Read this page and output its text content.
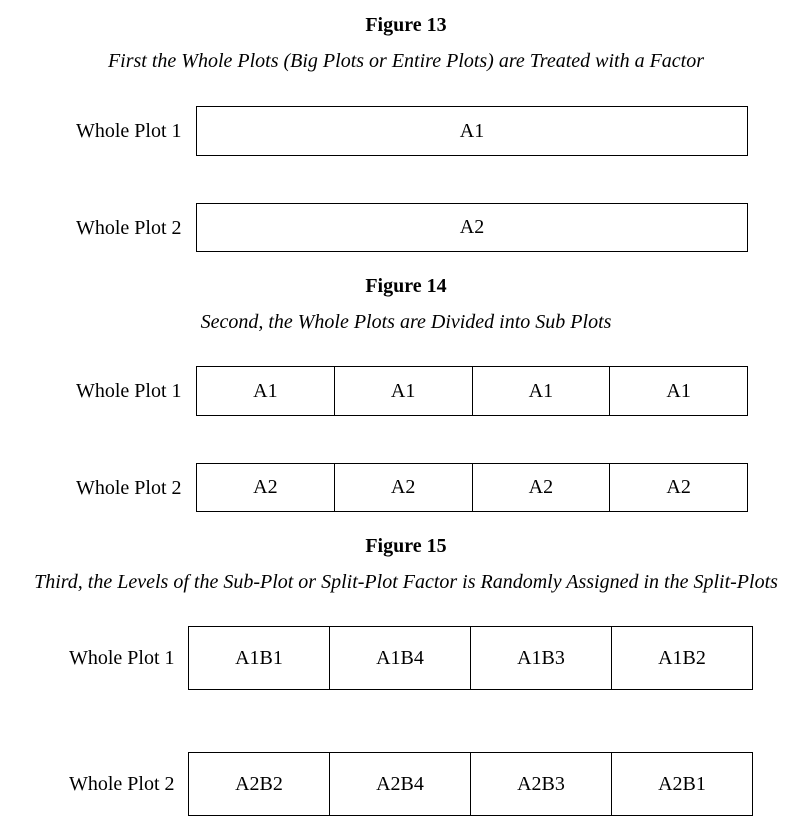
Figure 13
First the Whole Plots (Big Plots or Entire Plots) are Treated with a Factor
Whole Plot 1	A1
Whole Plot 2	A2
Figure 14
Second, the Whole Plots are Divided into Sub Plots
Whole Plot 1	A1	A1	A1	A1
Whole Plot 2	A2	A2	A2	A2
Figure 15
Third, the Levels of the Sub-Plot or Split-Plot Factor is Randomly Assigned in the Split-Plots
Whole Plot 1	A1B1	A1B4	A1B3	A1B2
Whole Plot 2	A2B2	A2B4	A2B3	A2B1
